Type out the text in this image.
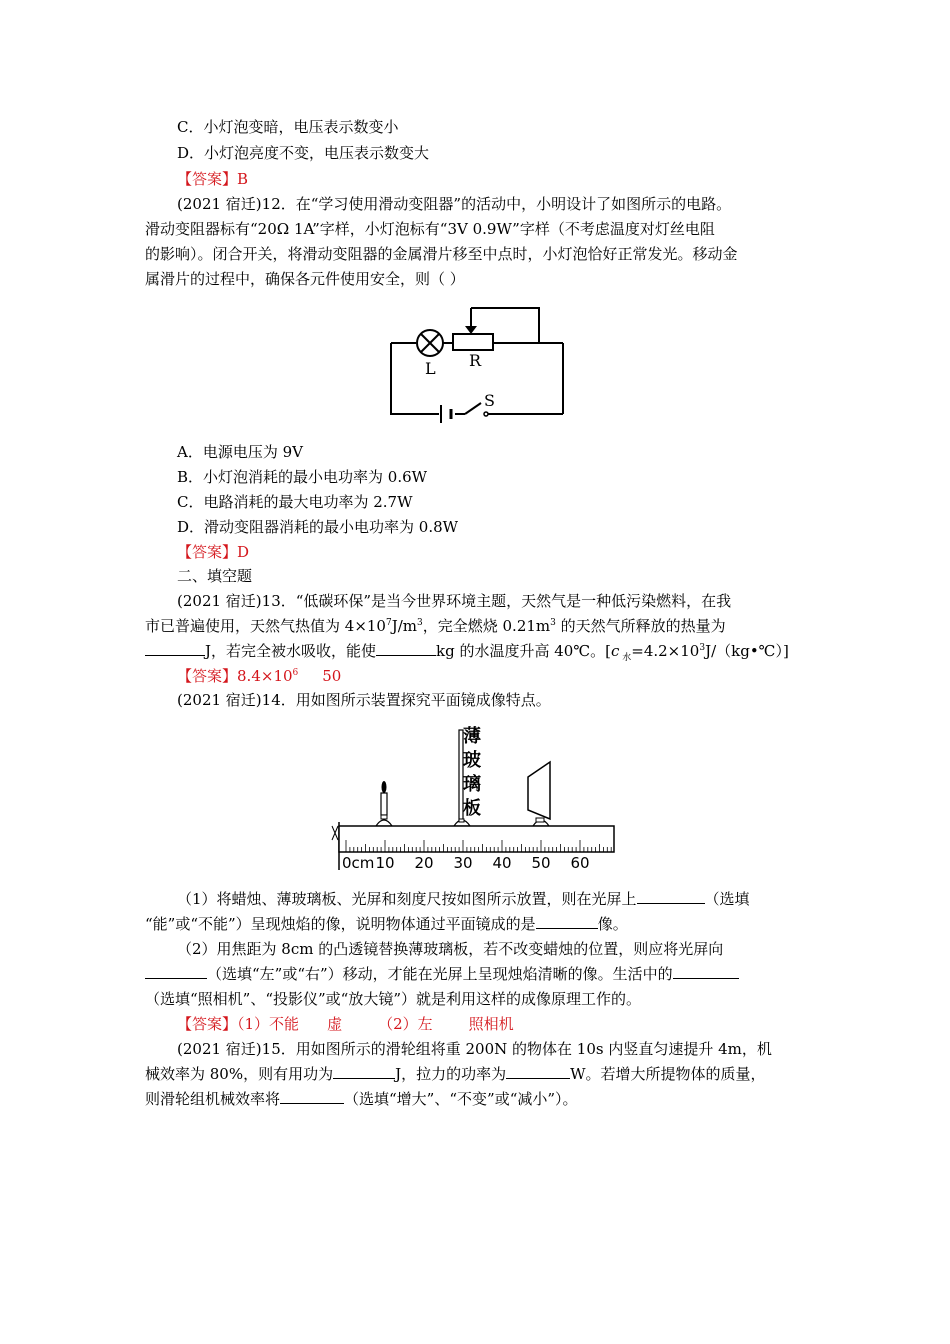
C．小灯泡变暗，电压表示数变小
D．小灯泡亮度不变，电压表示数变大
【答案】B
(2021 宿迁)12．在“学习使用滑动变阻器”的活动中，小明设计了如图所示的电路。
滑动变阻器标有“20Ω 1A”字样，小灯泡标有“3V 0.9W”字样（不考虑温度对灯丝电阻
的影响）。闭合开关，将滑动变阻器的金属滑片移至中点时，小灯泡恰好正常发光。移动金
属滑片的过程中，确保各元件使用安全，则（ ）
L R
S
A．电源电压为 9V
B．小灯泡消耗的最小电功率为 0.6W
C．电路消耗的最大电功率为 2.7W
D．滑动变阻器消耗的最小电功率为 0.8W
【答案】D
二、填空题
(2021 宿迁)13．“低碳环保”是当今世界环境主题，天然气是一种低污染燃料，在我
市已普遍使用，天然气热值为 $4\times 10^7J/m^3$，完全燃烧 $0.21m^3$ 的天然气所释放的热量为
J，若完全被水吸收，能使	kg 的水温度升高 40℃。[c $_水=4.2\times 10^3J/(kg•℃)$]
【答案】$8.4\times 10^6$ 50
(2021 宿迁)14．用如图所示装置探究平面镜成像特点。
薄
玻
璃
板
0cm 10 20 30 40 50 60
（1）将蜡烛、薄玻璃板、光屏和刻度尺按如图所示放置，则在光屏上	（选填
“能”或“不能”）呈现烛焰的像，说明物体通过平面镜成的是	像。
（2）用焦距为 8cm 的凸透镜替换薄玻璃板，若不改变蜡烛的位置，则应将光屏向
（选填“左”或“右”）移动，才能在光屏上呈现烛焰清晰的像。生活中的
（选填“照相机”、“投影仪”或“放大镜”）就是利用这样的成像原理工作的。
【答案】（1）不能 虚 （2）左 照相机
(2021 宿迁)15．用如图所示的滑轮组将重 200N 的物体在 10s 内竖直匀速提升 4m，机
械效率为 80%，则有用功为	J，拉力的功率为	W。若增大所提物体的质量，
则滑轮组机械效率将	（选填“增大”、“不变”或“减小”）。
